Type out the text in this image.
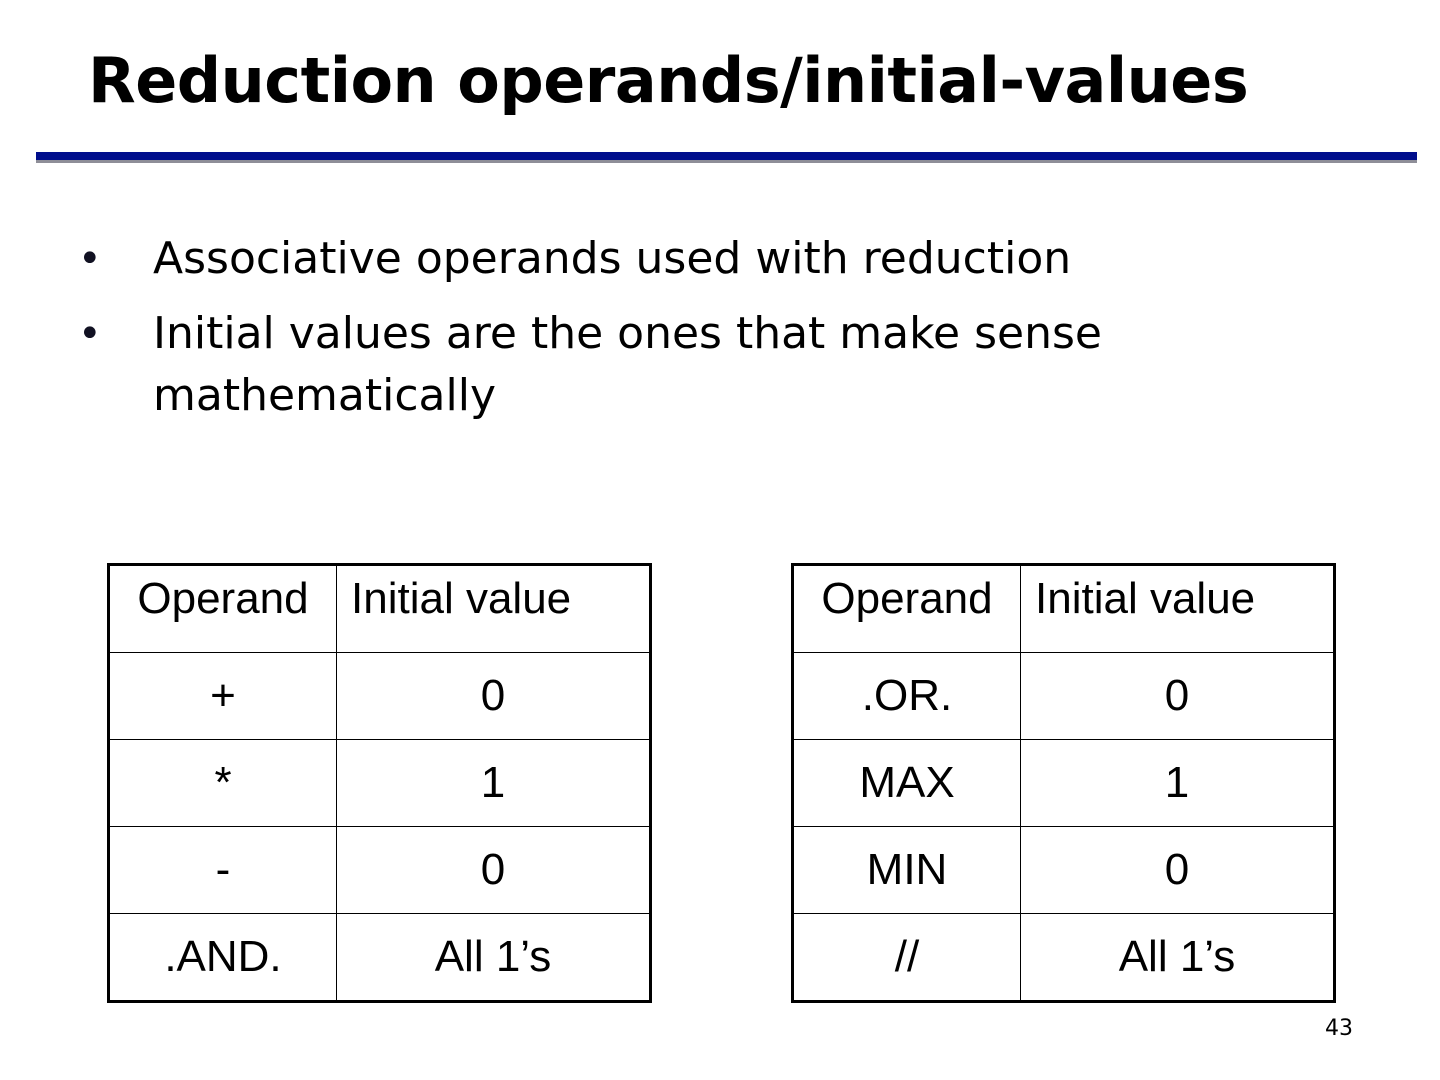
Reduction operands/initial-values
• Associative operands used with reduction
• Initial values are the ones that make sense mathematically
Operand	Initial value
+	0
*	1
-	0
.AND.	All 1’s
Operand	Initial value
.OR.	0
MAX	1
MIN	0
//	All 1’s
43
